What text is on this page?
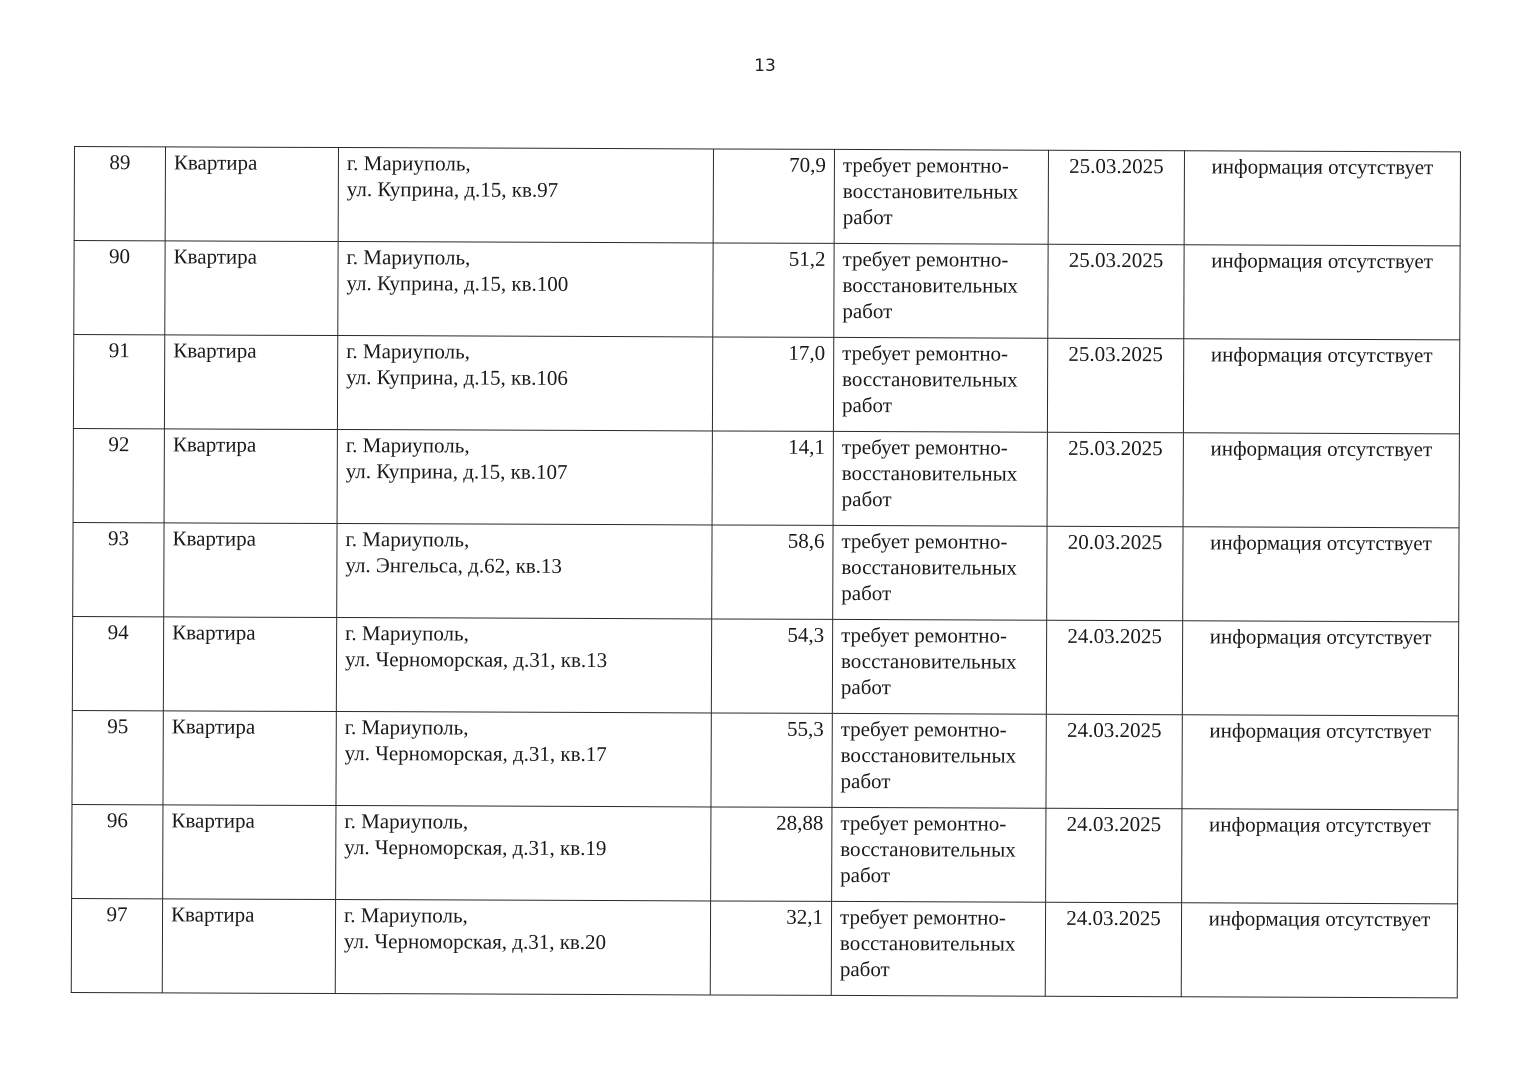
13
89	Квартира	г. Мариуполь,
ул. Куприна, д.15, кв.97	70,9	требует ремонтно-восстановительных работ	25.03.2025	информация отсутствует
90	Квартира	г. Мариуполь,
ул. Куприна, д.15, кв.100	51,2	требует ремонтно-восстановительных работ	25.03.2025	информация отсутствует
91	Квартира	г. Мариуполь,
ул. Куприна, д.15, кв.106	17,0	требует ремонтно-восстановительных работ	25.03.2025	информация отсутствует
92	Квартира	г. Мариуполь,
ул. Куприна, д.15, кв.107	14,1	требует ремонтно-восстановительных работ	25.03.2025	информация отсутствует
93	Квартира	г. Мариуполь,
ул. Энгельса, д.62, кв.13	58,6	требует ремонтно-восстановительных работ	20.03.2025	информация отсутствует
94	Квартира	г. Мариуполь,
ул. Черноморская, д.31, кв.13	54,3	требует ремонтно-восстановительных работ	24.03.2025	информация отсутствует
95	Квартира	г. Мариуполь,
ул. Черноморская, д.31, кв.17	55,3	требует ремонтно-восстановительных работ	24.03.2025	информация отсутствует
96	Квартира	г. Мариуполь,
ул. Черноморская, д.31, кв.19	28,88	требует ремонтно-восстановительных работ	24.03.2025	информация отсутствует
97	Квартира	г. Мариуполь,
ул. Черноморская, д.31, кв.20	32,1	требует ремонтно-восстановительных работ	24.03.2025	информация отсутствует
